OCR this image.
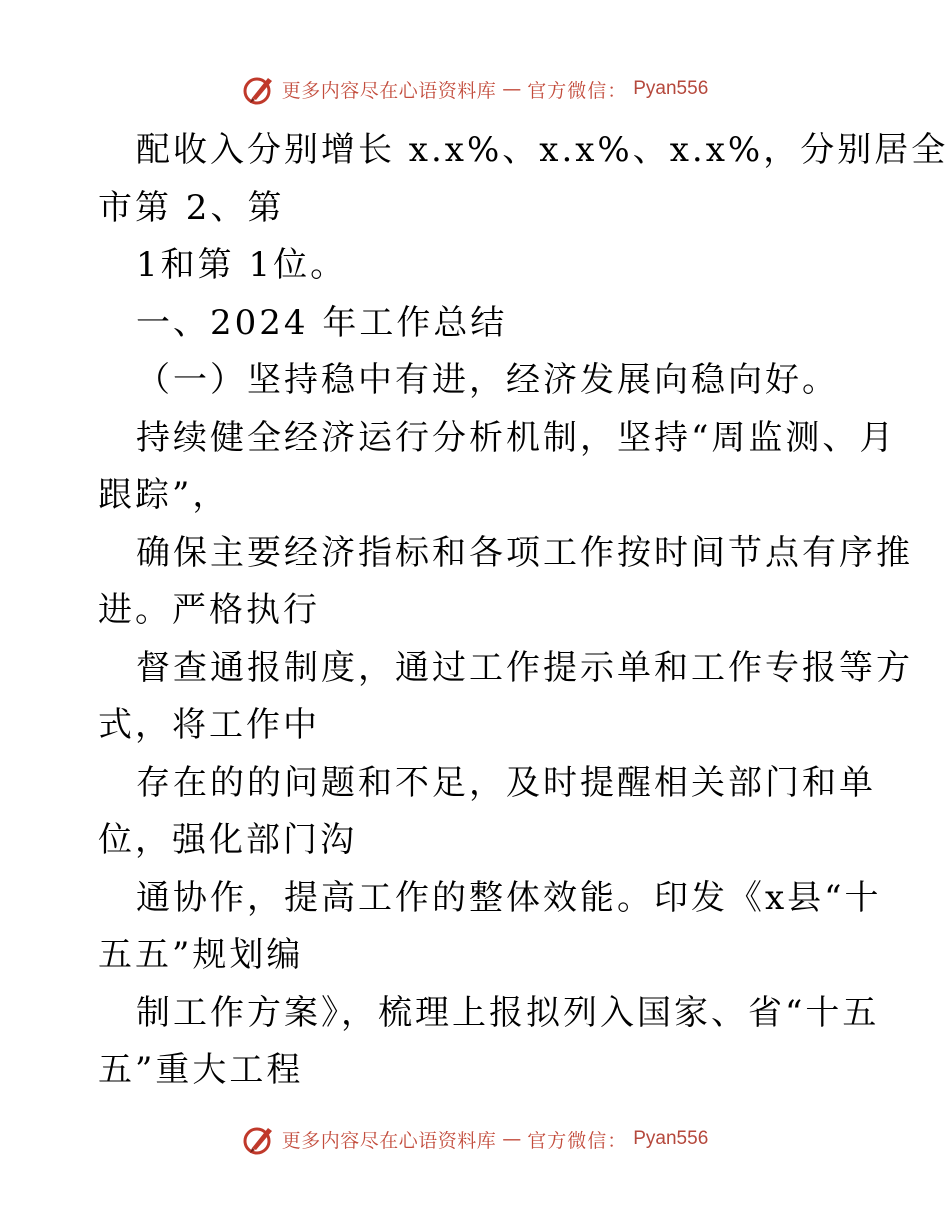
更多内容尽在心语资料库 — 官方微信： Pyan556
配收入分别增长 x.x%、x.x%、x.x%，分别居全
市第 2、第
1和第 1位。
一、2024 年工作总结
（一）坚持稳中有进，经济发展向稳向好。
持续健全经济运行分析机制，坚持“周监测、月
跟踪”，
确保主要经济指标和各项工作按时间节点有序推
进。严格执行
督查通报制度，通过工作提示单和工作专报等方
式，将工作中
存在的的问题和不足，及时提醒相关部门和单
位，强化部门沟
通协作，提高工作的整体效能。印发《x县“十
五五”规划编
制工作方案》，梳理上报拟列入国家、省“十五
五”重大工程
更多内容尽在心语资料库 — 官方微信： Pyan556
